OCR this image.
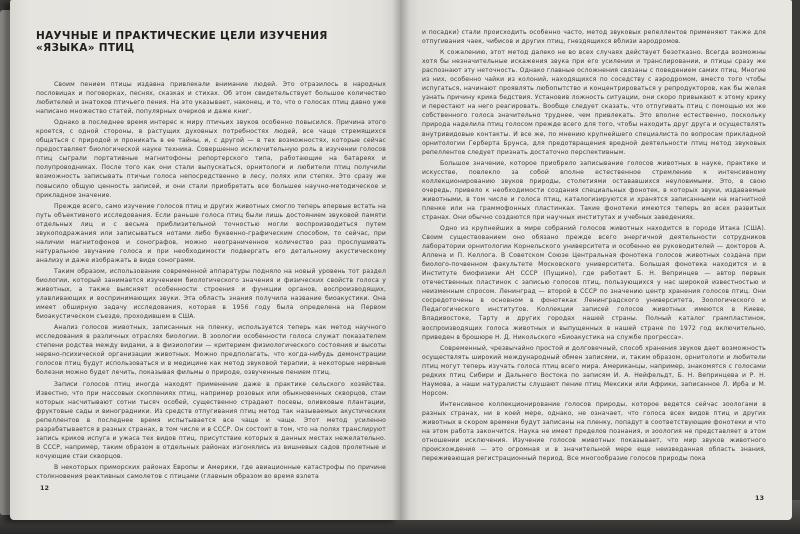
НАУЧНЫЕ И ПРАКТИЧЕСКИЕ ЦЕЛИ ИЗУЧЕНИЯ «ЯЗЫКА» ПТИЦ

Своим пением птицы издавна привлекали внимание людей. Это отразилось в народных пословицах и поговорках, песнях, сказках и стихах. Об этом свидетельствует большое количество любителей и знатоков птичьего пения. На это указывает, наконец, и то, что о голосах птиц давно уже написано множество статей, популярных очерков и даже книг.

Однако в последнее время интерес к миру птичьих звуков особенно повысился. Причина этого кроется, с одной стороны, в растущих духовных потребностях людей, все чаще стремящихся общаться с природой и проникать в ее тайны, и, с другой — в тех возможностях, которые сейчас предоставляет биологической науке техника. Совершенно исключительную роль в изучении голосов птиц сыграли портативные магнитофоны репортерского типа, работающие на батареях и полупроводниках. После того как они стали выпускаться, орнитологи и любители птиц получили возможность записывать птичьи голоса непосредственно в лесу, полях или степях. Это сразу же повысило общую ценность записей, и они стали приобретать все большее научно-методическое и прикладное значение.

Прежде всего, само изучение голосов птиц и других животных смогло теперь впервые встать на путь объективного исследования. Если раньше голоса птиц были лишь достоянием звуковой памяти отдельных лиц и с весьма приблизительной точностью могли воспроизводиться путем звукоподражания или записываться нотами либо буквенно-графическим способом, то сейчас, при наличии магнитофонов и сонографов, можно неограниченное количество раз прослушивать натуральное звучание голоса и при необходимости подвергать его детальному акустическому анализу и даже изображать в виде сонограмм.

Таким образом, использование современной аппаратуры подняло на новый уровень тот раздел биологии, который занимается изучением биологического значения и физических свойств голоса у животных, а также выясняет особенности строения и функции органов, воспроизводящих, улавливающих и воспринимающих звуки. Эта область знания получила название биоакустики. Она имеет обширную задачу исследования, которая в 1956 году была определена на Первом биоакустическом съезде, проходившем в США.

Анализ голосов животных, записанных на пленку, используется теперь как метод научного исследования в различных отраслях биологии. В зоологии особенности голоса служат показателем степени родства между видами, а в физиологии — критерием физиологического состояния и высоты нервно-психической организации животных. Можно предполагать, что когда-нибудь демонстрации голосов птиц будут использоваться и в медицине как метод звуковой терапии, а некоторые нервные болезни можно будет лечить, показывая фильмы о природе, озвученные пением птиц.

Записи голосов птиц иногда находят применение даже в практике сельского хозяйства. Известно, что при массовых скоплениях птиц, например розовых или обыкновенных скворцов, стаи которых насчитывают сотни тысяч особей, существенно страдают посевы, оливковые плантации, фруктовые сады и виноградники. Из средств отпугивания птиц метод так называемых акустических репеллентов в последнее время испытывается все чаще и чаще. Этот метод усиленно разрабатывается в разных странах, в том числе и в СССР. Он состоит в том, что на полях транслируют запись криков испуга и ужаса тех видов птиц, присутствие которых в данных местах нежелательно. В СССР, например, таким образом в отдельных районах изгонялись из вишневых садов пролетные и кочующие стаи скворцов.

В некоторых приморских районах Европы и Америки, где авиационные катастрофы по причине столкновения реактивных самолетов с птицами (главным образом во время взлета

12

и посадки) стали происходить особенно часто, метод звуковых репеллентов применяют также для отпугивания чаек, чибисов и других птиц, гнездящихся вблизи аэродромов.

К сожалению, этот метод далеко не во всех случаях действует безотказно. Всегда возможны хотя бы незначительные искажения звука при его усилении и транслировании, и птицы сразу же распознают эту неточность. Однако главные осложнения связаны с поведением самих птиц. Многие из них, особенно чайки из колоний, находящихся по соседству с аэродромом, вместо того чтобы испугаться, начинают проявлять любопытство и концентрироваться у репродукторов, как бы желая узнать причину крика бедствия. Установив ложность ситуации, они скоро привыкают к этому крику и перестают на него реагировать. Вообще следует сказать, что отпугивать птиц с помощью их же собственного голоса значительно труднее, чем привлекать. Это вполне естественно, поскольку природа наделила птиц голосом прежде всего для того, чтобы находить друг друга и осуществлять внутривидовые контакты. И все же, по мнению крупнейшего специалиста по вопросам прикладной орнитологии Герберта Брунса, для предотвращения вредной деятельности птиц метод звуковых репеллентов следует признать достаточно перспективным.

Большое значение, которое приобрело записывание голосов животных в науке, практике и искусстве, повлекло за собой вполне естественное стремление к интенсивному коллекционированию звуков природы, столетиями остававшихся неуловимыми. Это, в свою очередь, привело к необходимости создания специальных фонотек, в которых звуки, издаваемые животными, в том числе и голоса птиц, каталогизируются и хранятся записанными на магнитной пленке или на граммофонных пластинках. Такие фонотеки имеются теперь во всех развитых странах. Они обычно создаются при научных институтах и учебных заведениях.

Одно из крупнейших в мире собраний голосов животных находится в городе Итака (США). Своим существованием оно обязано прежде всего энергичной деятельности сотрудников лаборатории орнитологии Корнельского университета и особенно ее руководителей — докторов А. Аллена и П. Келлога. В Советском Союзе Центральная фонотека голосов животных создана при биолого-почвенном факультете Московского университета. Большая фонотека находится и в Институте биофизики АН СССР (Пущино), где работает Б. Н. Вепринцев — автор первых отечественных пластинок с записью голосов птиц, пользующихся у нас широкой известностью и неизменным спросом. Ленинград — второй в СССР по значению центр хранения голосов птиц. Они сосредоточены в основном в фонотеках Ленинградского университета, Зоологического и Педагогического институтов. Коллекции записей голосов животных имеются в Киеве, Владивостоке, Тарту и других городах нашей страны. Полный каталог грампластинок, воспроизводящих голоса животных и выпущенных в нашей стране по 1972 год включительно, приведен в брошюре Н. Д. Никольского «Биоакустика на службе прогресса».

Современный, чрезвычайно простой и долговечный, способ хранения звуков дает возможность осуществлять широкий международный обмен записями, и, таким образом, орнитологи и любители птиц могут теперь изучать голоса птиц всего мира. Американцы, например, знакомятся с голосами редких птиц Сибири и Дальнего Востока по записям И. А. Нейфельдт, Б. Н. Вепринцева и Р. Н. Наумова, а наши натуралисты слушают пение птиц Мексики или Африки, записанное Л. Ирба и М. Норсом.

Интенсивное коллекционирование голосов природы, которое ведется сейчас зоологами в разных странах, ни в коей мере, однако, не означает, что голоса всех видов птиц и других животных в скором времени будут записаны на пленку, попадут в соответствующие фонотеки и что на этом работа закончится. Наука не имеет пределов познания, и зоология не представляет в этом отношении исключения. Изучение голосов животных показывает, что мир звуков животного происхождения — это огромная и в значительной мере еще неизведанная область знания, переживающая регистрационный период. Все многообразие голосов природы пока

13
